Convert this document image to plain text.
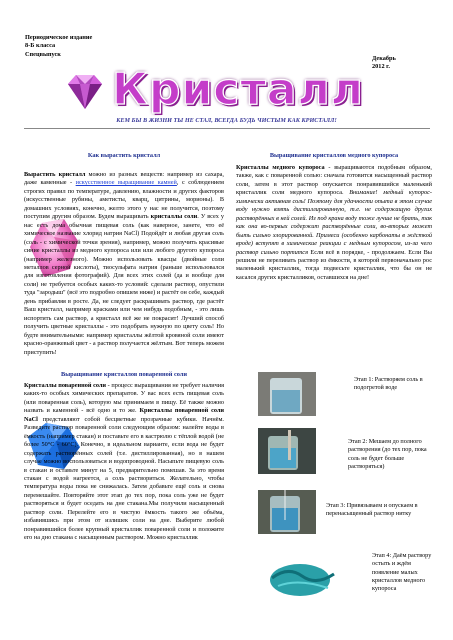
Периодическое издание
8-Б класса
Спецвыпуск
Декабрь
2012 г.
Кристалл
КЕМ БЫ В ЖИЗНИ ТЫ НЕ СТАЛ, ВСЕГДА БУДЬ ЧИСТЫМ КАК КРИСТАЛЛ!
Как вырастить кристалл

Вырастить кристалл можно из разных веществ: например из сахара, даже каменные - искусственное выращивание камней, с соблюдением строгих правил по температуре, давлению, влажности и других факторов (искусственные рубины, аметисты, кварц, цитрины, морионы). В домашних условиях, конечно, желто этого у нас не получится, поэтому поступим другим образом. Будем выращивать кристаллы соли. У всех у нас есть дома обычная пищевая соль (как наверное, занете, что её химическое название хлорид натрия NaCl) Подойдёт и любая другая соль (соль - с химической точки зрения), например, можно получить красивые синие кристаллы из медного купороса или или любого другого купороса (например железного). Можно использовать квасцы (двойные соли металлов серной кислоты), тиосульфата натрия (раньше использовался для изготовления фотографий). Для всех этих солей (да и вообще для соли) не требуется особых каких-то условий: сделали раствор, опустили туда "зародыш" (всё это подробно опишем ниже) и растёт он себе, каждый день прибавляя в росте. Да, не следует раскрашивать раствор, где растёт Ваш кристалл, например красками или чем нибудь подобным, - это лишь испортить сам раствор, а кристалл всё же не покрасит! Лучший способ получить цветные кристаллы - это подобрать нужную по цвету соль! Но будте внимательными: например кристаллы жёлтой кровяной соли имеют красно-оранжевый цвет - а раствор получается жёлтым. Вот теперь можем приступить!

Выращивание кристаллов поваренной соли

Кристаллы поваренной соли - процесс выращивания не требует наличия каких-то особых химических препаратов. У вас всех есть пищевая соль (или поваренная соль), которую мы принимаем в пищу. Её также можно назвать и каменной - всё одно и то же. Кристаллы поваренной соли NaCl представляют собой бесцветные прозрачные кубики. Начнём. Разведите раствор поваренной соли следующим образом: налейте воды в ёмкость (например стакан) и поставьте его в кастрюлю с тёплой водой (не более 50°С - 60°С). Конечно, в идеальном варианте, если вода не будет содержать растворённых солей (т.е. дистиллированная), но в нашем случае можно воспользоваться и водопроводной. Насыпьте пищевую соль в стакан и оставьте минут на 5, предварительно помешав. За это время стакан с водой нагреется, а соль раствориться. Желательно, чтобы температура воды пока не снижалась. Затем добавьте ещё соль и снова перемешайте. Повторяйте этот этап до тех пор, пока соль уже не будет растворяться и будет оседать на дне стакана.Мы получили насыщенный раствор соли. Перелейте его в чистую ёмкость такого же объёма, избавившись при этом от излишек соли на дне. Выберите любой понравившийся более крупный кристаллик поваренной соли и положите его на дно стакана с насыщенным раствором. Можно кристаллик

Выращивание кристаллов медного купороса

Кристаллы медного купороса - выращиваются подобным образом, также, как с поваренной солью: сначала готовится насыщенный раствор соли, затем в этот раствор опускается понравившийся маленький кристаллик соли медного купороса. Внимание! медный купорос- химически активная соль! Поэтому для удачности опыта в этом случае воду нужно взять дистиллированную, т.е. не содержащую других растворённых в ней солей. Из под крана воду тоже лучше не брать, так как она во-первых содержит растворённые соли, во-вторых может быть сильно хлорированной. Примеси (особенно карбонаты в жёсткой вроде) вступят в химические реакции с медным купоросом, из-за чего раствор сильно портится Если всё в порядке, - продолжаем. Если Вы решили не переливать раствор из ёмкости, в которой первоначально рос маленький кристаллик, тогда подвесьте кристаллик, что бы он не касался других кристалликов, оставшихся на дне!

Этап 1: Растворяем соль в подогретой воде
Этап 2: Мешаем до полного растворения (до тех пор, пока соль не будет больше растворяться)
Этап 3: Привязываем и опускаем в перенасыщенный раствор нитку
Этап 4: Даём раствору остыть и ждём появление малых кристаллов медного купороса
